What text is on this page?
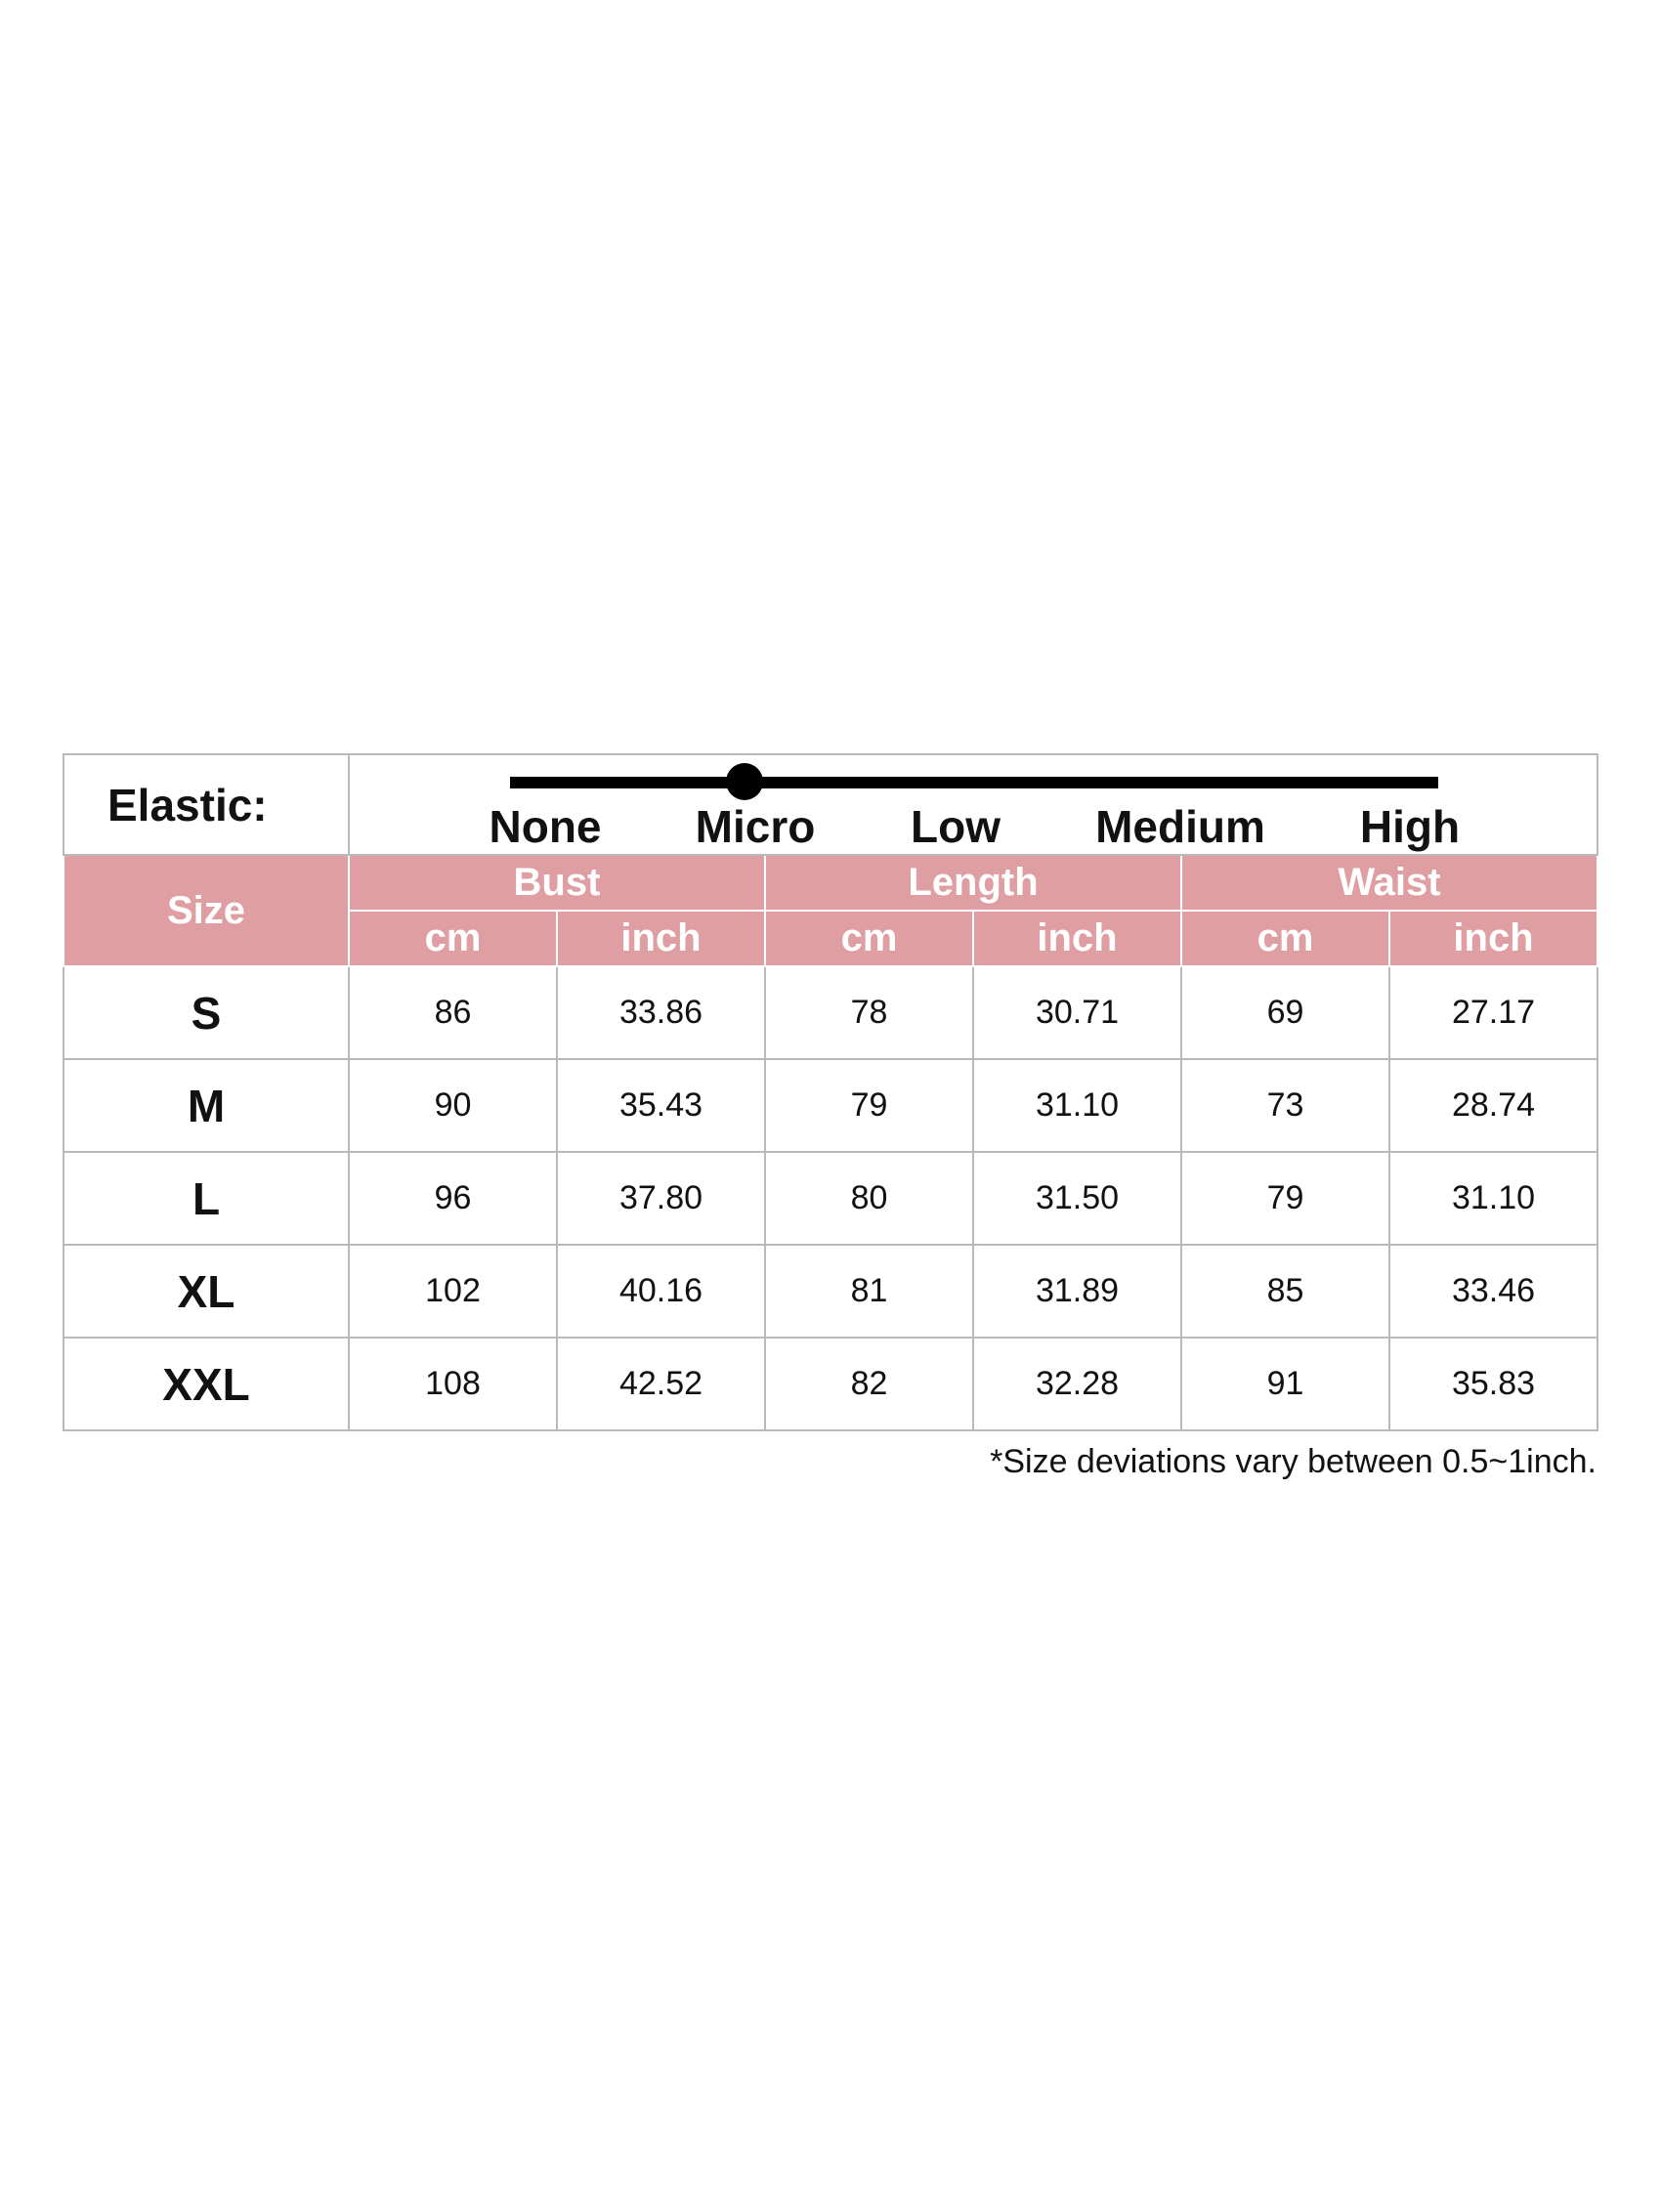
Elastic:	None Micro Low Medium High					

Size	Bust		Length		Waist	
	cm	inch	cm	inch	cm	inch
S	86	33.86	78	30.71	69	27.17
M	90	35.43	79	31.10	73	28.74
L	96	37.80	80	31.50	79	31.10
XL	102	40.16	81	31.89	85	33.46
XXL	108	42.52	82	32.28	91	35.83
*Size deviations vary between 0.5~1inch.
